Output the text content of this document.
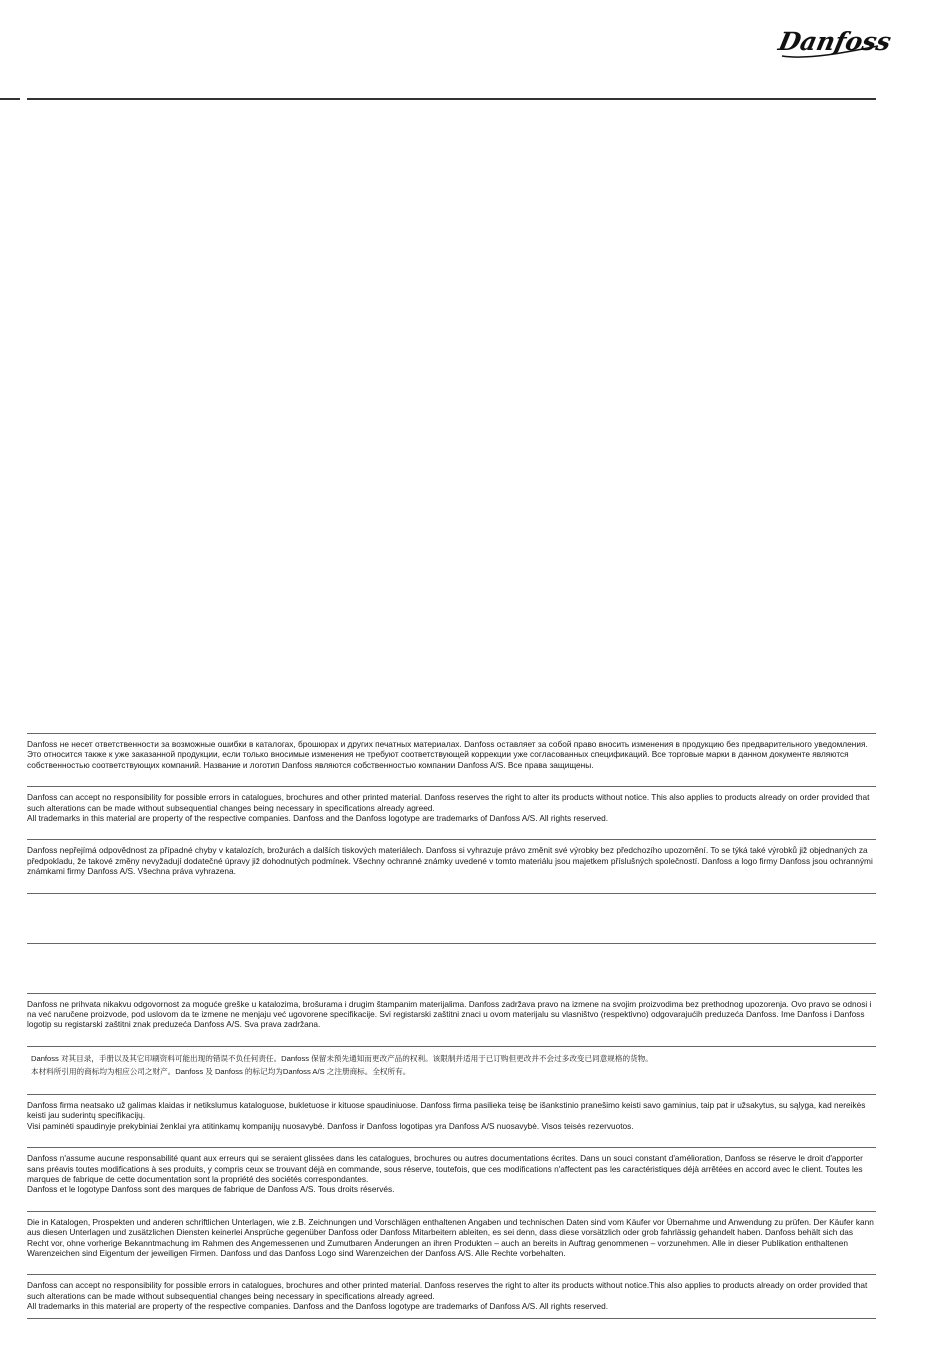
Danfoss
Danfoss не несет ответственности за возможные ошибки в каталогах, брошюрах и других печатных материалах. Danfoss оставляет за собой право вносить изменения в продукцию без предварительного уведомления. Это относится также к уже заказанной продукции, если только вносимые изменения не требуют соответствующей коррекции уже согласованных спецификаций. Все торговые марки в данном документе являются собственностью соответствующих компаний. Название и логотип Danfoss являются собственностью компании Danfoss A/S. Все права защищены.
Danfoss can accept no responsibility for possible errors in catalogues, brochures and other printed material. Danfoss reserves the right to alter its products without notice. This also applies to products already on order provided that such alterations can be made without subsequential changes being necessary in specifications already agreed.
All trademarks in this material are property of the respective companies. Danfoss and the Danfoss logotype are trademarks of Danfoss A/S. All rights reserved.
Danfoss nepřejímá odpovědnost za případné chyby v katalozích, brožurách a dalších tiskových materiálech. Danfoss si vyhrazuje právo změnit své výrobky bez předchozího upozornění. To se týká také výrobků již objednaných za předpokladu, že takové změny nevyžadují dodatečné úpravy již dohodnutých podmínek. Všechny ochranné známky uvedené v tomto materiálu jsou majetkem příslušných společností. Danfoss a logo firmy Danfoss jsou ochrannými známkami firmy Danfoss A/S. Všechna práva vyhrazena.
Danfoss ne prihvata nikakvu odgovornost za moguće greške u katalozima, brošurama i drugim štampanim materijalima. Danfoss zadržava pravo na izmene na svojim proizvodima bez prethodnog upozorenja. Ovo pravo se odnosi i na već naručene proizvode, pod uslovom da te izmene ne menjaju već ugovorene specifikacije. Svi registarski zaštitni znaci u ovom materijalu su vlasništvo (respektivno) odgovarajućih preduzeća Danfoss. Ime Danfoss i Danfoss logotip su registarski zaštitni znak preduzeća Danfoss A/S. Sva prava zadržana.
Danfoss 对其目录，手册以及其它印刷资料可能出现的错误不负任何责任。Danfoss 保留未预先通知而更改产品的权利。该限制并适用于已订购但更改并不会过多改变已同意规格的货物。
本材料所引用的商标均为相应公司之财产。Danfoss 及 Danfoss 的标记均为Danfoss A/S 之注册商标。全权所有。
Danfoss firma neatsako už galimas klaidas ir netikslumus kataloguose, bukletuose ir kituose spaudiniuose. Danfoss firma pasilieka teisę be išankstinio pranešimo keisti savo gaminius, taip pat ir užsakytus, su sąlyga, kad nereikės keisti jau suderintų specifikacijų.
Visi paminėti spaudinyje prekybiniai ženklai yra atitinkamų kompanijų nuosavybė. Danfoss ir Danfoss logotipas yra Danfoss A/S nuosavybė. Visos teisės rezervuotos.
Danfoss n'assume aucune responsabilité quant aux erreurs qui se seraient glissées dans les catalogues, brochures ou autres documentations écrites. Dans un souci constant d'amélioration, Danfoss se réserve le droit d'apporter sans préavis toutes modifications à ses produits, y compris ceux se trouvant déjà en commande, sous réserve, toutefois, que ces modifications n'affectent pas les caractéristiques déjà arrêtées en accord avec le client. Toutes les marques de fabrique de cette documentation sont la propriété des sociétés correspondantes.
Danfoss et le logotype Danfoss sont des marques de fabrique de Danfoss A/S. Tous droits réservés.
Die in Katalogen, Prospekten und anderen schriftlichen Unterlagen, wie z.B. Zeichnungen und Vorschlägen enthaltenen Angaben und technischen Daten sind vom Käufer vor Übernahme und Anwendung zu prüfen. Der Käufer kann aus diesen Unterlagen und zusätzlichen Diensten keinerlei Ansprüche gegenüber Danfoss oder Danfoss Mitarbeitern ableiten, es sei denn, dass diese vorsätzlich oder grob fahrlässig gehandelt haben. Danfoss behält sich das Recht vor, ohne vorherige Bekanntmachung im Rahmen des Angemessenen und Zumutbaren Änderungen an ihren Produkten – auch an bereits in Auftrag genommenen – vorzunehmen. Alle in dieser Publikation enthaltenen Warenzeichen sind Eigentum der jeweiligen Firmen. Danfoss und das Danfoss Logo sind Warenzeichen der Danfoss A/S. Alle Rechte vorbehalten.
Danfoss can accept no responsibility for possible errors in catalogues, brochures and other printed material. Danfoss reserves the right to alter its products without notice.This also applies to products already on order provided that such alterations can be made without subsequential changes being necessary in specifications already agreed.
All trademarks in this material are property of the respective companies. Danfoss and the Danfoss logotype are trademarks of Danfoss A/S. All rights reserved.
